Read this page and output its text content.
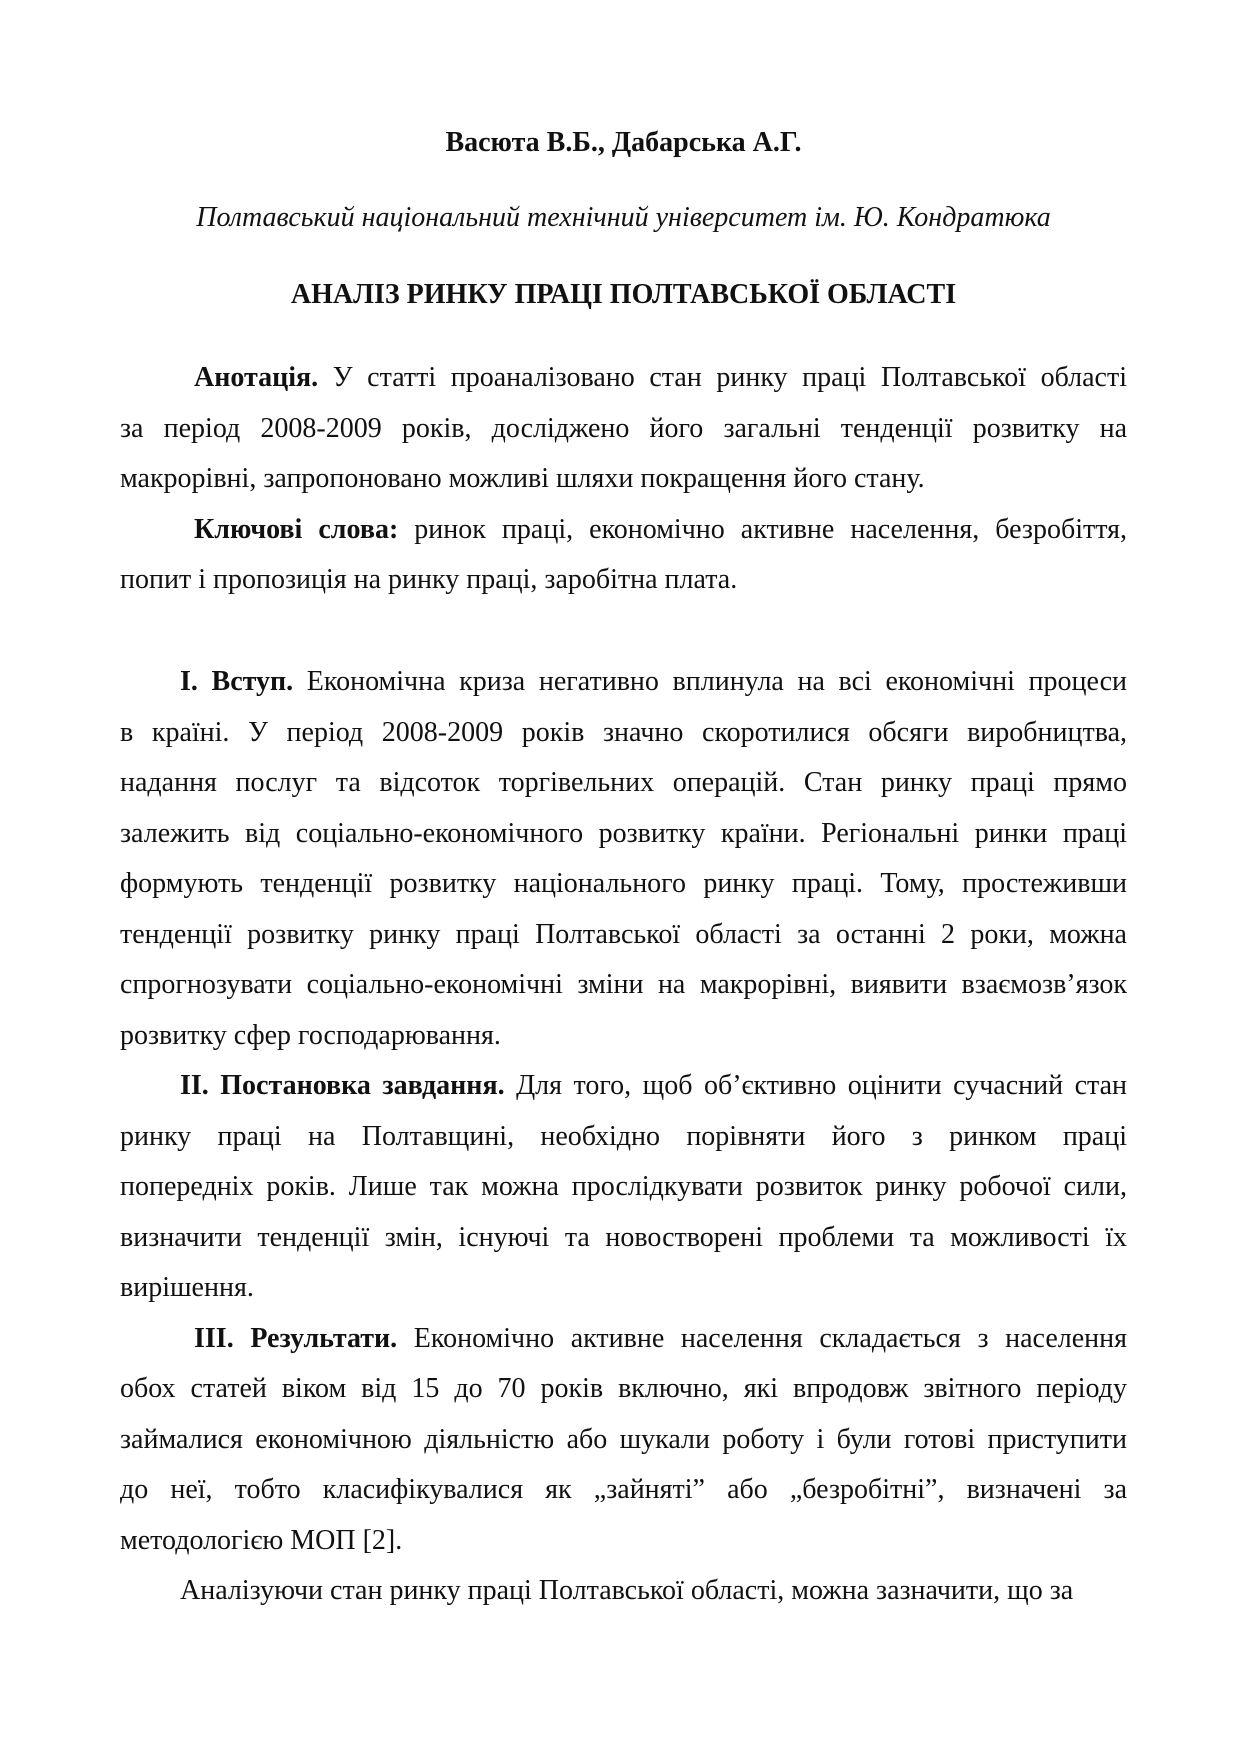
Васюта В.Б., Дабарська А.Г.
Полтавський національний технічний університет ім. Ю. Кондратюка
АНАЛІЗ РИНКУ ПРАЦІ ПОЛТАВСЬКОЇ ОБЛАСТІ
Анотація. У статті проаналізовано стан ринку праці Полтавської області
за період 2008-2009 років, досліджено його загальні тенденції розвитку на
макрорівні, запропоновано можливі шляхи покращення його стану.
Ключові слова: ринок праці, економічно активне населення, безробіття,
попит і пропозиція на ринку праці, заробітна плата.
І. Вступ. Економічна криза негативно вплинула на всі економічні процеси
в країні. У період 2008-2009 років значно скоротилися обсяги виробництва,
надання послуг та відсоток торгівельних операцій. Стан ринку праці прямо
залежить від соціально-економічного розвитку країни. Регіональні ринки праці
формують тенденції розвитку національного ринку праці. Тому, простеживши
тенденції розвитку ринку праці Полтавської області за останні 2 роки, можна
спрогнозувати соціально-економічні зміни на макрорівні, виявити взаємозв’язок
розвитку сфер господарювання.
ІІ. Постановка завдання. Для того, щоб об’єктивно оцінити сучасний стан
ринку праці на Полтавщині, необхідно порівняти його з ринком праці
попередніх років. Лише так можна прослідкувати розвиток ринку робочої сили,
визначити тенденції змін, існуючі та новостворені проблеми та можливості їх
вирішення.
ІІІ. Результати. Економічно активне населення складається з населення
обох статей віком від 15 до 70 років включно, які впродовж звітного періоду
займалися економічною діяльністю або шукали роботу і були готові приступити
до неї, тобто класифікувалися як „зайняті” або „безробітні”, визначені за
методологією МОП [2].
Аналізуючи стан ринку праці Полтавської області, можна зазначити, що за
